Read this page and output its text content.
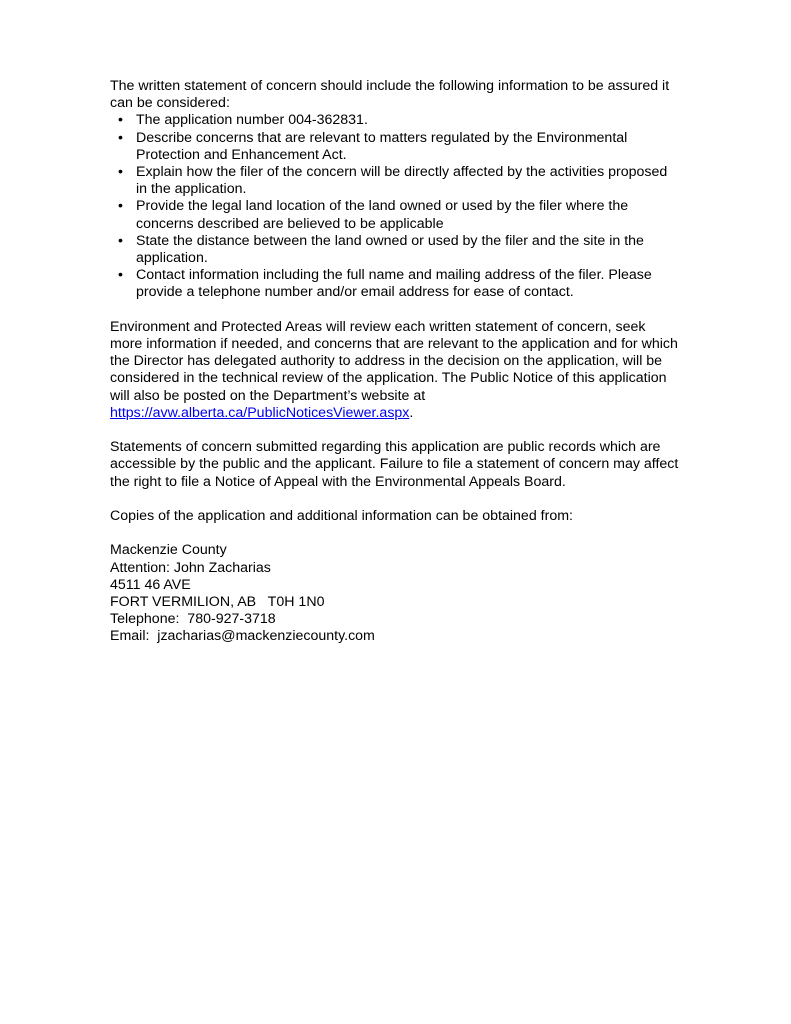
The written statement of concern should include the following information to be assured it can be considered:

• The application number 004-362831.
• Describe concerns that are relevant to matters regulated by the Environmental Protection and Enhancement Act.
• Explain how the filer of the concern will be directly affected by the activities proposed in the application.
• Provide the legal land location of the land owned or used by the filer where the concerns described are believed to be applicable
• State the distance between the land owned or used by the filer and the site in the application.
• Contact information including the full name and mailing address of the filer. Please provide a telephone number and/or email address for ease of contact.

Environment and Protected Areas will review each written statement of concern, seek more information if needed, and concerns that are relevant to the application and for which the Director has delegated authority to address in the decision on the application, will be considered in the technical review of the application. The Public Notice of this application will also be posted on the Department’s website at https://avw.alberta.ca/PublicNoticesViewer.aspx.

Statements of concern submitted regarding this application are public records which are accessible by the public and the applicant. Failure to file a statement of concern may affect the right to file a Notice of Appeal with the Environmental Appeals Board.

Copies of the application and additional information can be obtained from:

Mackenzie County
Attention: John Zacharias
4511 46 AVE
FORT VERMILION, AB   T0H 1N0
Telephone:  780-927-3718
Email:  jzacharias@mackenziecounty.com
